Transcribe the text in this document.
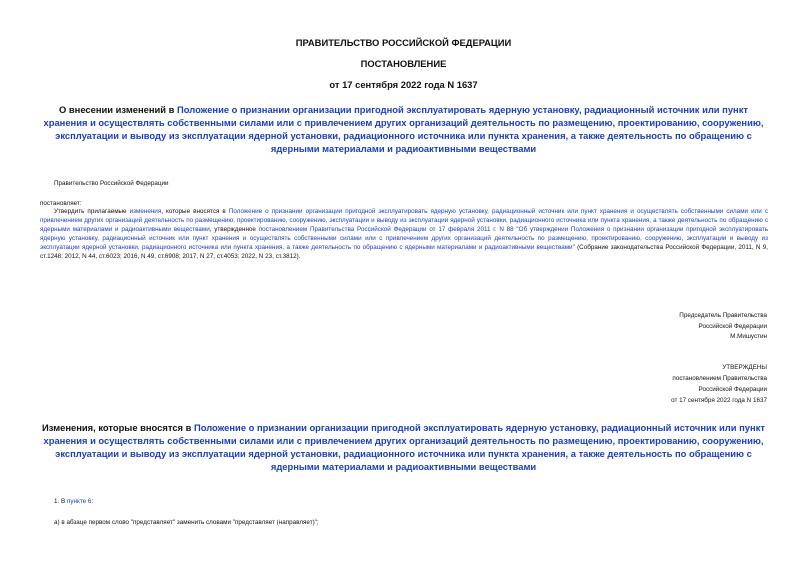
ПРАВИТЕЛЬСТВО РОССИЙСКОЙ ФЕДЕРАЦИИ
ПОСТАНОВЛЕНИЕ
от 17 сентября 2022 года N 1637
О внесении изменений в Положение о признании организации пригодной эксплуатировать ядерную установку, радиационный источник или пункт хранения и осуществлять собственными силами или с привлечением других организаций деятельность по размещению, проектированию, сооружению, эксплуатации и выводу из эксплуатации ядерной установки, радиационного источника или пункта хранения, а также деятельность по обращению с ядерными материалами и радиоактивными веществами
Правительство Российской Федерации
постановляет:
Утвердить прилагаемые изменения, которые вносятся в Положение о признании организации пригодной эксплуатировать ядерную установку, радиационный источник или пункт хранения и осуществлять собственными силами или с привлечением других организаций деятельность по размещению, проектированию, сооружению, эксплуатации и выводу из эксплуатации ядерной установки, радиационного источника или пункта хранения, а также деятельность по обращению с ядерными материалами и радиоактивными веществами, утвержденное постановлением Правительства Российской Федерации от 17 февраля 2011 г. N 88 "Об утверждении Положения о признании организации пригодной эксплуатировать ядерную установку, радиационный источник или пункт хранения и осуществлять собственными силами или с привлечением других организаций деятельность по размещению, проектированию, сооружению, эксплуатации и выводу из эксплуатации ядерной установки, радиационного источника или пункта хранения, а также деятельность по обращению с ядерными материалами и радиоактивными веществами" (Собрание законодательства Российской Федерации, 2011, N 9, ст.1248; 2012, N 44, ст.6023; 2016, N 49, ст.6908; 2017, N 27, ст.4053; 2022, N 23, ст.3812).
Председатель Правительства
Российской Федерации
М.Мишустин
УТВЕРЖДЕНЫ
постановлением Правительства
Российской Федерации
от 17 сентября 2022 года N 1637
Изменения, которые вносятся в Положение о признании организации пригодной эксплуатировать ядерную установку, радиационный источник или пункт хранения и осуществлять собственными силами или с привлечением других организаций деятельность по размещению, проектированию, сооружению, эксплуатации и выводу из эксплуатации ядерной установки, радиационного источника или пункта хранения, а также деятельность по обращению с ядерными материалами и радиоактивными веществами
1. В пункте 6:
а) в абзаце первом слово "представляет" заменить словами "представляет (направляет)";
